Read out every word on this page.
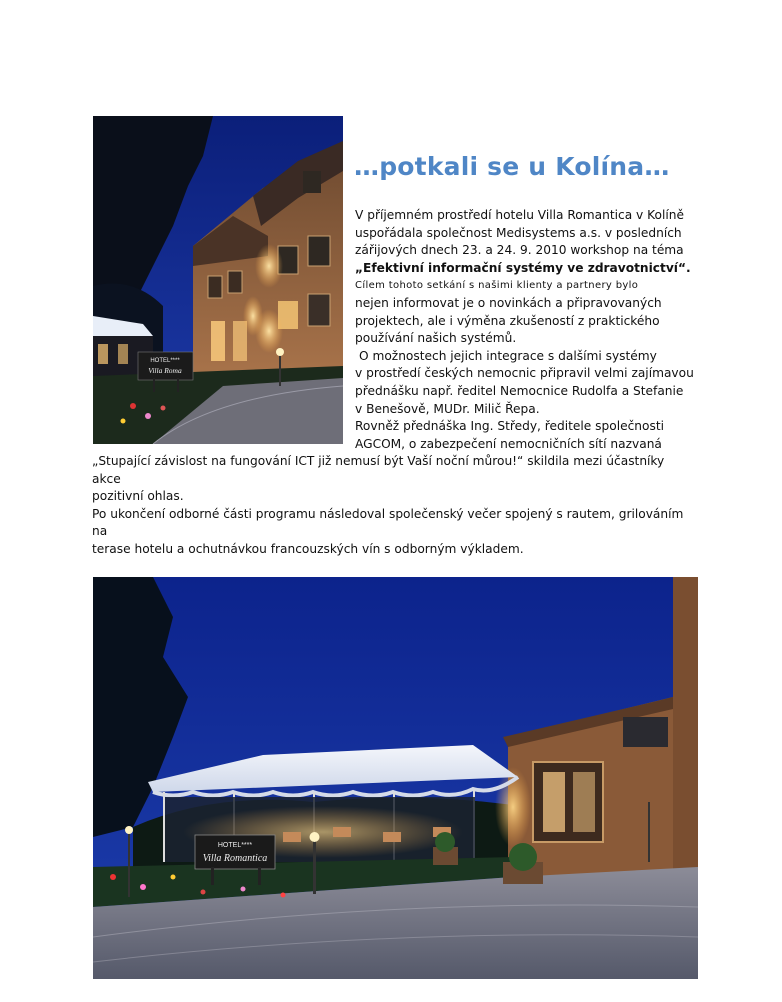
HOTEL****
Villa Roma
…potkali se u Kolína…
V příjemném prostředí hotelu Villa Romantica v Kolíně
uspořádala společnost Medisystems a.s. v posledních
zářijových dnech 23. a 24. 9. 2010 workshop na téma
„Efektivní informační systémy ve zdravotnictví“.
Cílem tohoto setkání s našimi klienty a partnery bylo
nejen informovat je o novinkách a připravovaných
projektech, ale i výměna zkušeností z praktického
používání našich systémů.
O možnostech jejich integrace s dalšími systémy
v prostředí českých nemocnic připravil velmi zajímavou
přednášku např. ředitel Nemocnice Rudolfa a Stefanie
v Benešově, MUDr. Milič Řepa.
Rovněž přednáška Ing. Středy, ředitele společnosti
AGCOM, o zabezpečení nemocničních sítí nazvaná
„Stupající závislost na fungování ICT již nemusí být Vaší noční můrou!“ skildila mezi účastníky akce
pozitivní ohlas.
Po ukončení odborné části programu následoval společenský večer spojený s rautem, grilováním na
terase hotelu a ochutnávkou francouzských vín s odborným výkladem.
HOTEL****
Villa Romantica
